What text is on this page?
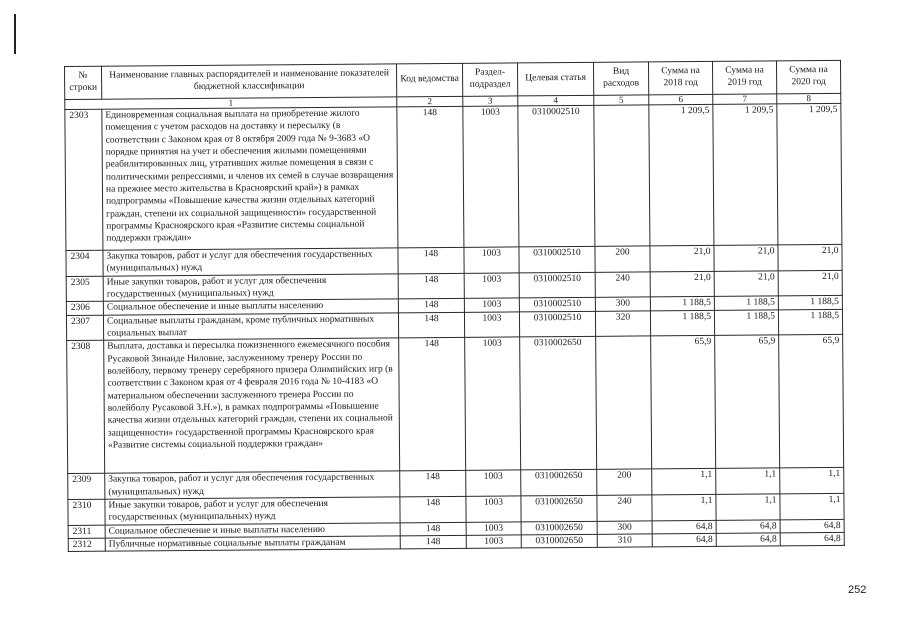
№ строки	Наименование главных распорядителей и наименование показателей бюджетной классификации	Код ведомства	Раздел-подраздел	Целевая статья	Вид расходов	Сумма на 2018 год	Сумма на 2019 год	Сумма на 2020 год
1		2	3	4	5	6	7	8
2303	Единовременная социальная выплата на приобретение жилого помещения с учетом расходов на доставку и пересылку (в соответствии с Законом края от 8 октября 2009 года № 9-3683 «О порядке принятия на учет и обеспечения жилыми помещениями реабилитированных лиц, утративших жилые помещения в связи с политическими репрессиями, и членов их семей в случае возвращения на прежнее место жительства в Красноярский край») в рамках подпрограммы «Повышение качества жизни отдельных категорий граждан, степени их социальной защищенности» государственной программы Красноярского края «Развитие системы социальной поддержки граждан»	148	1003	0310002510		1 209,5	1 209,5	1 209,5
2304	Закупка товаров, работ и услуг для обеспечения государственных (муниципальных) нужд	148	1003	0310002510	200	21,0	21,0	21,0
2305	Иные закупки товаров, работ и услуг для обеспечения государственных (муниципальных) нужд	148	1003	0310002510	240	21,0	21,0	21,0
2306	Социальное обеспечение и иные выплаты населению	148	1003	0310002510	300	1 188,5	1 188,5	1 188,5
2307	Социальные выплаты гражданам, кроме публичных нормативных социальных выплат	148	1003	0310002510	320	1 188,5	1 188,5	1 188,5
2308	Выплата, доставка и пересылка пожизненного ежемесячного пособия Русаковой Зинаиде Ниловне, заслуженному тренеру России по волейболу, первому тренеру серебряного призера Олимпийских игр (в соответствии с Законом края от 4 февраля 2016 года № 10-4183 «О материальном обеспечении заслуженного тренера России по волейболу Русаковой З.Н.»), в рамках подпрограммы «Повышение качества жизни отдельных категорий граждан, степени их социальной защищенности» государственной программы Красноярского края «Развитие системы социальной поддержки граждан»	148	1003	0310002650		65,9	65,9	65,9
2309	Закупка товаров, работ и услуг для обеспечения государственных (муниципальных) нужд	148	1003	0310002650	200	1,1	1,1	1,1
2310	Иные закупки товаров, работ и услуг для обеспечения государственных (муниципальных) нужд	148	1003	0310002650	240	1,1	1,1	1,1
2311	Социальное обеспечение и иные выплаты населению	148	1003	0310002650	300	64,8	64,8	64,8
2312	Публичные нормативные социальные выплаты гражданам	148	1003	0310002650	310	64,8	64,8	64,8
252
